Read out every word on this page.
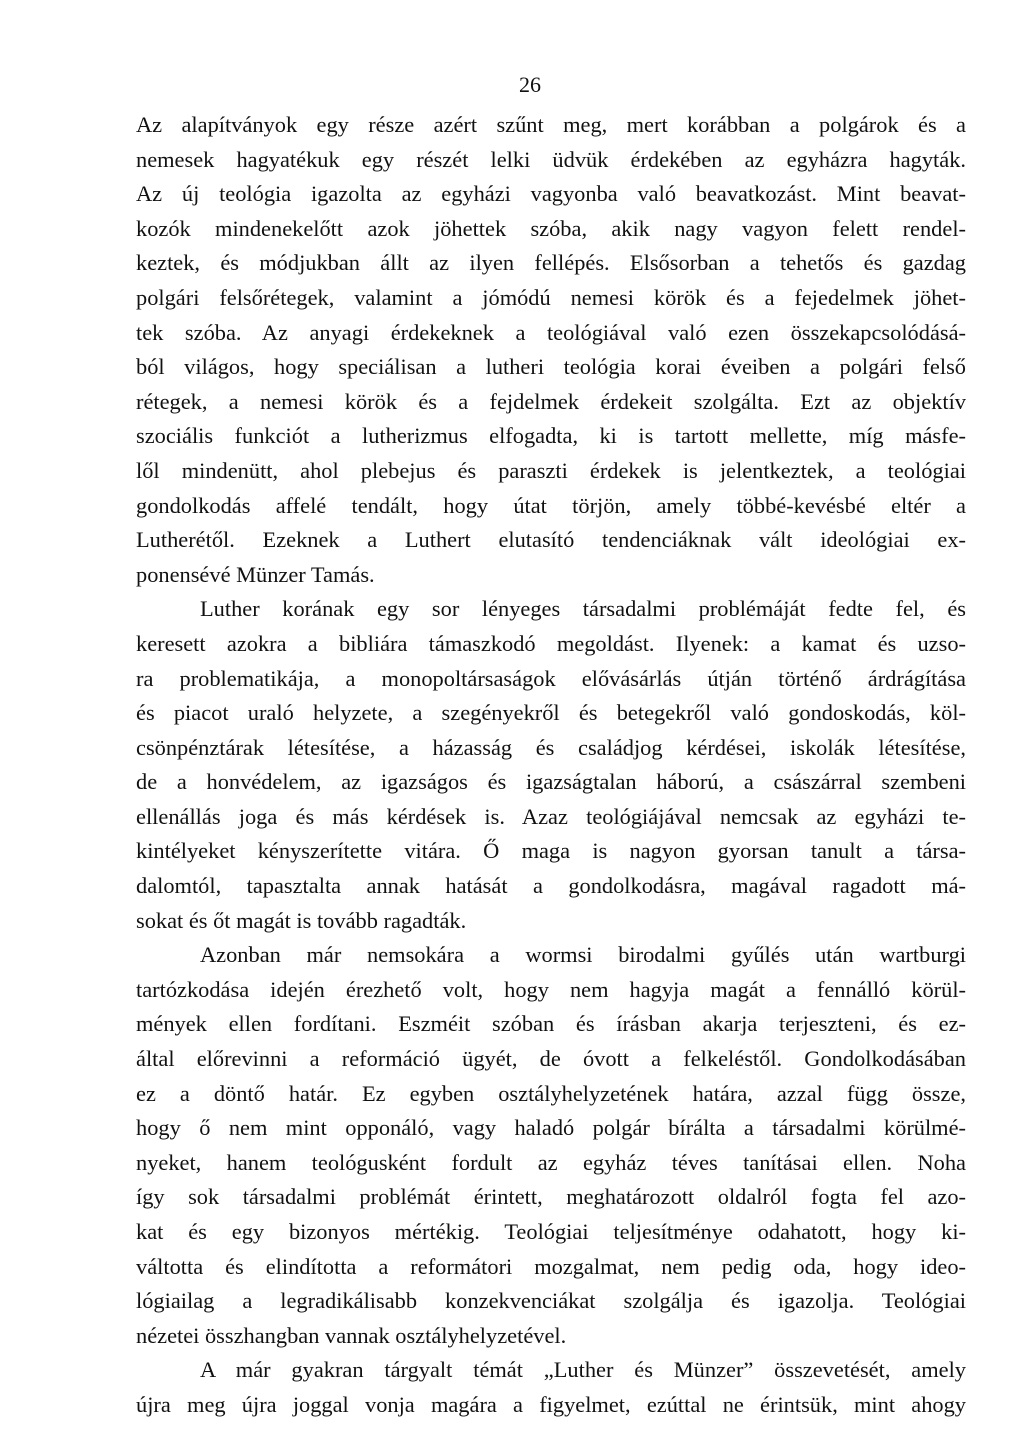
26
Az alapítványok egy része azért szűnt meg, mert korábban a polgárok és a
nemesek hagyatékuk egy részét lelki üdvük érdekében az egyházra hagyták.
Az új teológia igazolta az egyházi vagyonba való beavatkozást. Mint beavat-
kozók mindenekelőtt azok jöhettek szóba, akik nagy vagyon felett rendel-
keztek, és módjukban állt az ilyen fellépés. Elsősorban a tehetős és gazdag
polgári felsőrétegek, valamint a jómódú nemesi körök és a fejedelmek jöhet-
tek szóba. Az anyagi érdekeknek a teológiával való ezen összekapcsolódásá-
ból világos, hogy speciálisan a lutheri teológia korai éveiben a polgári felső
rétegek, a nemesi körök és a fejdelmek érdekeit szolgálta. Ezt az objektív
szociális funkciót a lutherizmus elfogadta, ki is tartott mellette, míg másfe-
lől mindenütt, ahol plebejus és paraszti érdekek is jelentkeztek, a teológiai
gondolkodás affelé tendált, hogy útat törjön, amely többé-kevésbé eltér a
Lutherétől. Ezeknek a Luthert elutasító tendenciáknak vált ideológiai ex-
ponensévé Münzer Tamás.
Luther korának egy sor lényeges társadalmi problémáját fedte fel, és
keresett azokra a bibliára támaszkodó megoldást. Ilyenek: a kamat és uzso-
ra problematikája, a monopoltársaságok elővásárlás útján történő árdrágítása
és piacot uraló helyzete, a szegényekről és betegekről való gondoskodás, köl-
csönpénztárak létesítése, a házasság és családjog kérdései, iskolák létesítése,
de a honvédelem, az igazságos és igazságtalan háború, a császárral szembeni
ellenállás joga és más kérdések is. Azaz teológiájával nemcsak az egyházi te-
kintélyeket kényszerítette vitára. Ő maga is nagyon gyorsan tanult a társa-
dalomtól, tapasztalta annak hatását a gondolkodásra, magával ragadott má-
sokat és őt magát is tovább ragadták.
Azonban már nemsokára a wormsi birodalmi gyűlés után wartburgi
tartózkodása idején érezhető volt, hogy nem hagyja magát a fennálló körül-
mények ellen fordítani. Eszméit szóban és írásban akarja terjeszteni, és ez-
által előrevinni a reformáció ügyét, de óvott a felkeléstől. Gondolkodásában
ez a döntő határ. Ez egyben osztályhelyzetének határa, azzal függ össze,
hogy ő nem mint opponáló, vagy haladó polgár bírálta a társadalmi körülmé-
nyeket, hanem teológusként fordult az egyház téves tanításai ellen. Noha
így sok társadalmi problémát érintett, meghatározott oldalról fogta fel azo-
kat és egy bizonyos mértékig. Teológiai teljesítménye odahatott, hogy ki-
váltotta és elindította a reformátori mozgalmat, nem pedig oda, hogy ideo-
lógiailag a legradikálisabb konzekvenciákat szolgálja és igazolja. Teológiai
nézetei összhangban vannak osztályhelyzetével.
A már gyakran tárgyalt témát „Luther és Münzer” összevetését, amely
újra meg újra joggal vonja magára a figyelmet, ezúttal ne érintsük, mint ahogy
